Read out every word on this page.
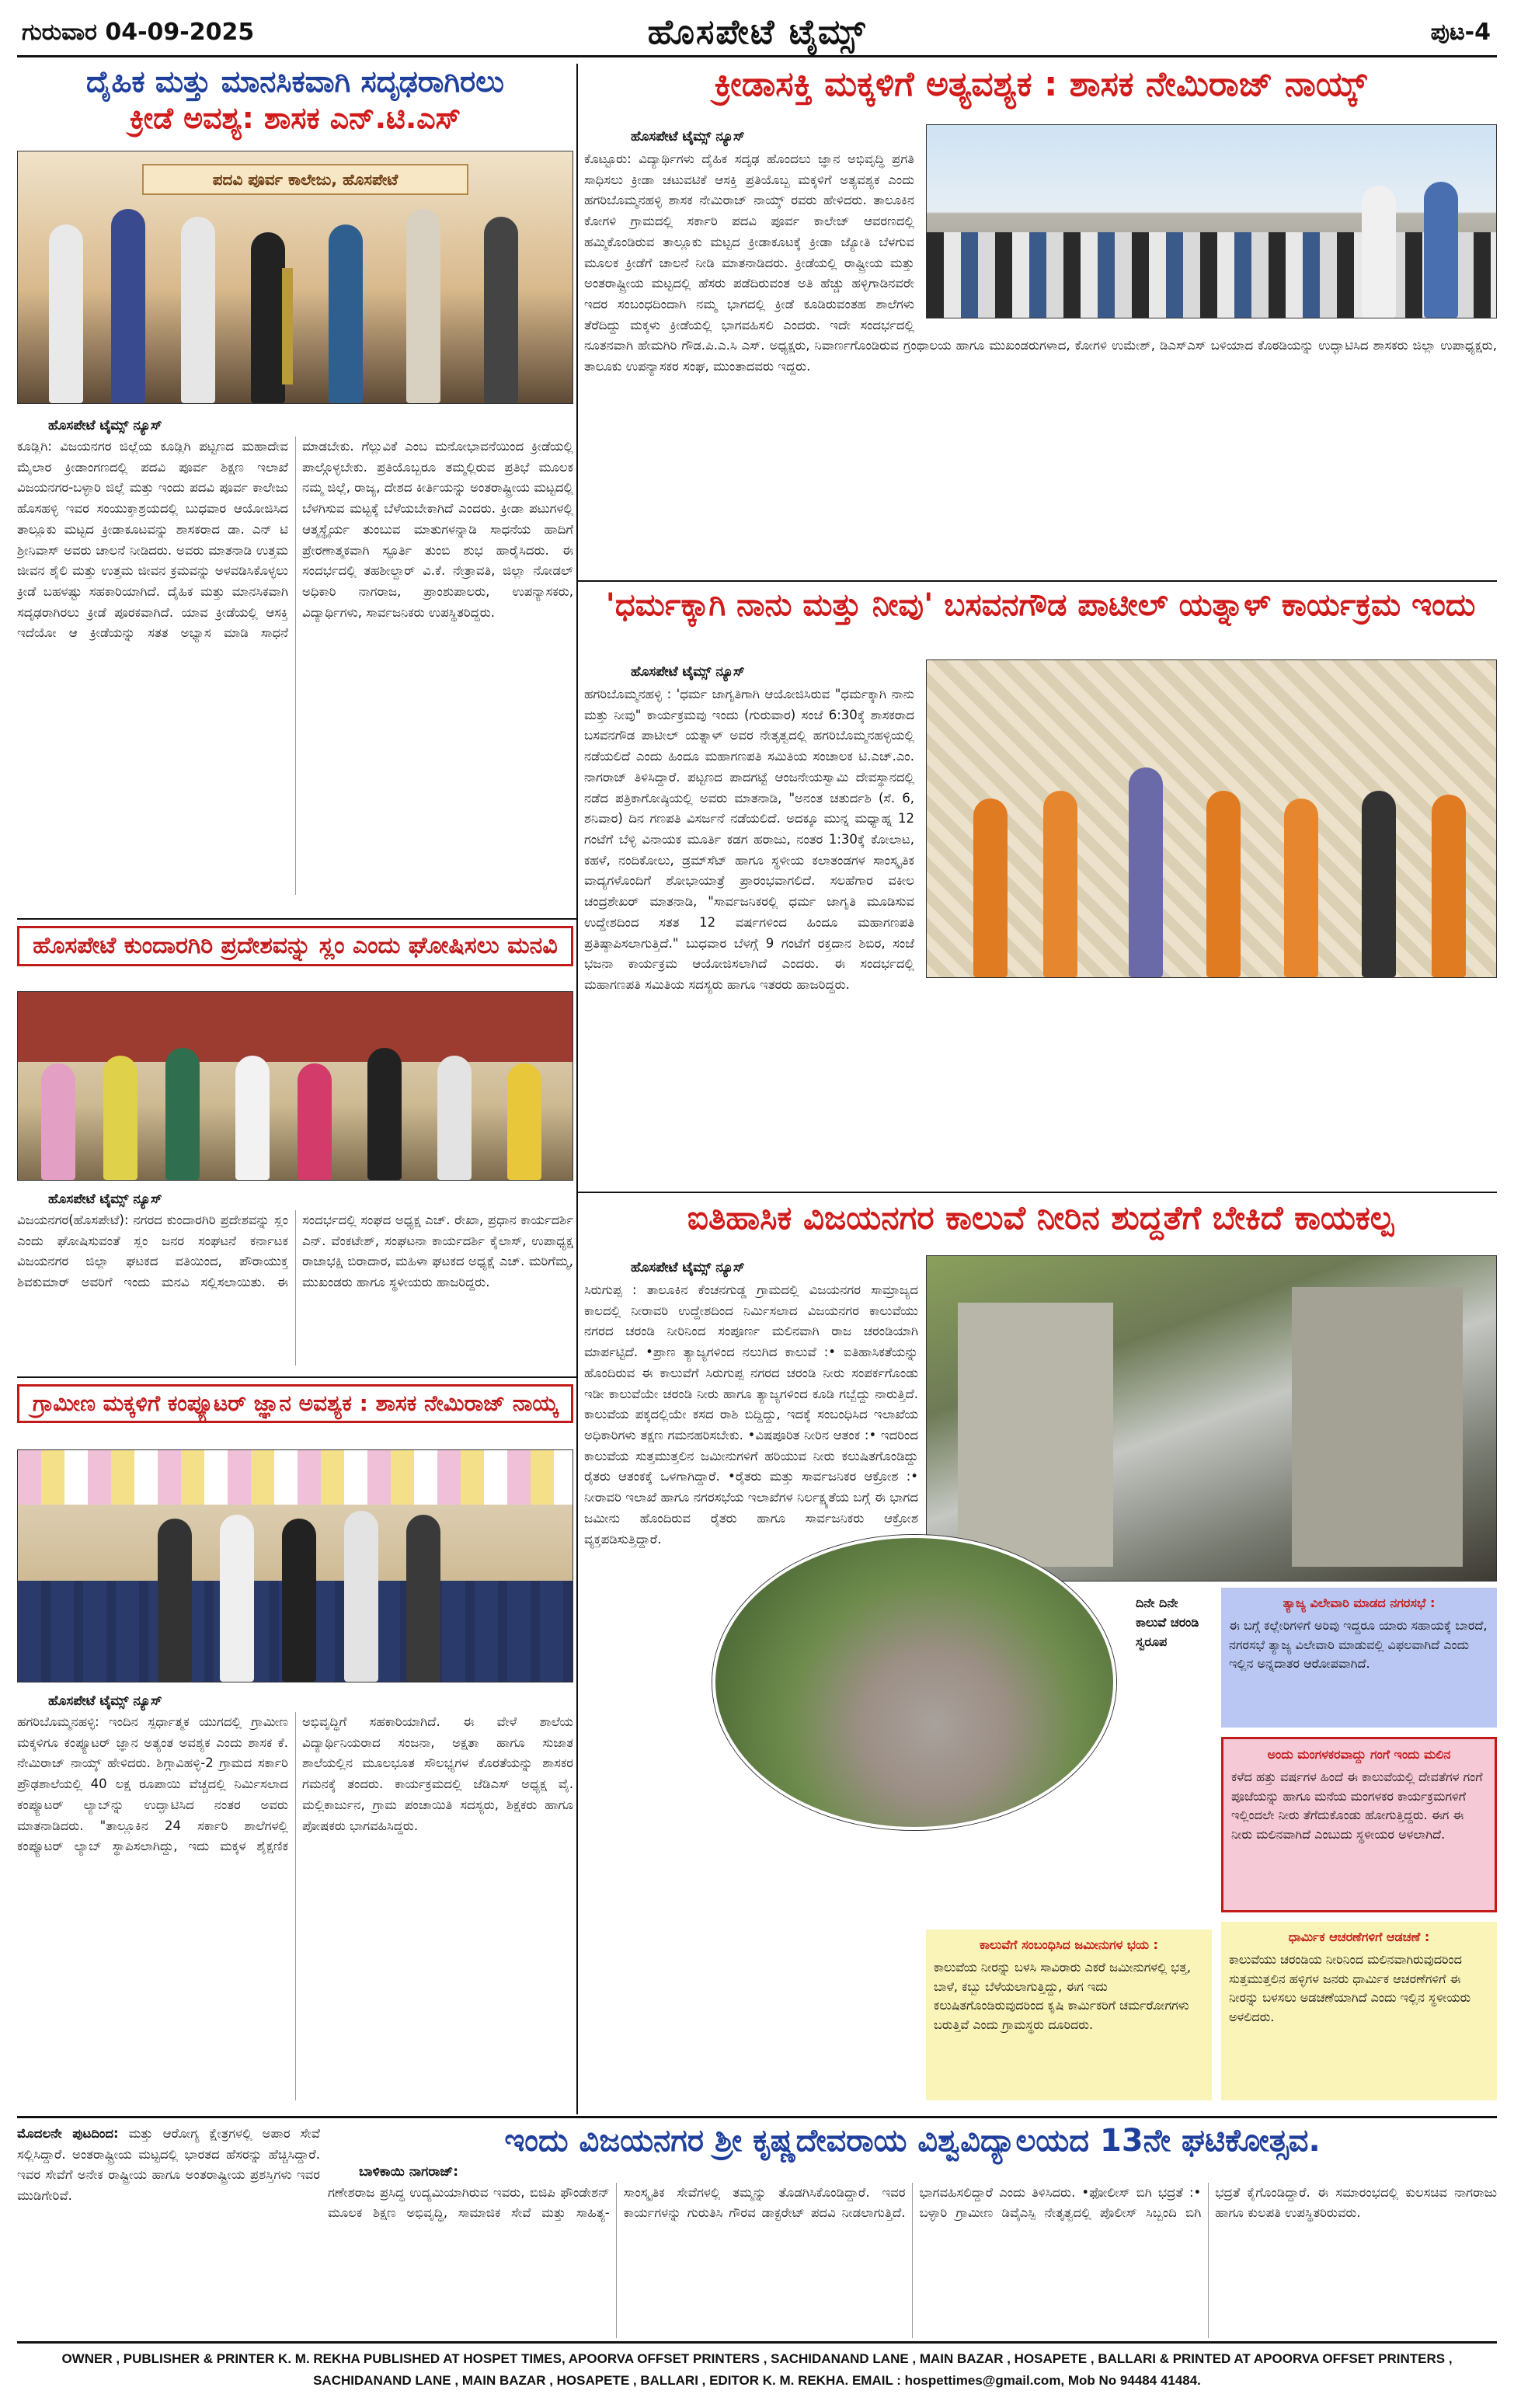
ಗುರುವಾರ 04-09-2025	ಹೊಸಪೇಟೆ ಟೈಮ್ಸ್	ಪುಟ-4
ದೈಹಿಕ ಮತ್ತು ಮಾನಸಿಕವಾಗಿ ಸದೃಢರಾಗಿರಲು
ಕ್ರೀಡೆ ಅವಶ್ಯ: ಶಾಸಕ ಎನ್.ಟಿ.ಎಸ್
ಪದವಿ ಪೂರ್ವ ಕಾಲೇಜು, ಹೊಸಪೇಟೆ
ಹೊಸಪೇಟೆ ಟೈಮ್ಸ್ ನ್ಯೂಸ್
ಕೂಡ್ಲಿಗಿ: ವಿಜಯನಗರ ಜಿಲ್ಲೆಯ ಕೂಡ್ಲಿಗಿ ಪಟ್ಟಣದ ಮಹಾದೇವ ಮೈಲಾರ ಕ್ರೀಡಾಂಗಣದಲ್ಲಿ ಪದವಿ ಪೂರ್ವ ಶಿಕ್ಷಣ ಇಲಾಖೆ ವಿಜಯನಗರ-ಬಳ್ಳಾರಿ ಜಿಲ್ಲೆ ಮತ್ತು ಇಂದು ಪದವಿ ಪೂರ್ವ ಕಾಲೇಜು ಹೊಸಹಳ್ಳಿ ಇವರ ಸಂಯುಕ್ತಾಶ್ರಯದಲ್ಲಿ ಬುಧವಾರ ಆಯೋಜಿಸಿದ ತಾಲ್ಲೂಕು ಮಟ್ಟದ ಕ್ರೀಡಾಕೂಟವನ್ನು ಶಾಸಕರಾದ ಡಾ. ಎನ್ ಟಿ ಶ್ರೀನಿವಾಸ್ ಅವರು ಚಾಲನೆ ನೀಡಿದರು. ಅವರು ಮಾತನಾಡಿ ಉತ್ತಮ ಜೀವನ ಶೈಲಿ ಮತ್ತು ಉತ್ತಮ ಜೀವನ ಕ್ರಮವನ್ನು ಅಳವಡಿಸಿಕೊಳ್ಳಲು ಕ್ರೀಡೆ ಬಹಳಷ್ಟು ಸಹಕಾರಿಯಾಗಿದೆ. ದೈಹಿಕ ಮತ್ತು ಮಾನಸಿಕವಾಗಿ ಸದೃಢರಾಗಿರಲು ಕ್ರೀಡೆ ಪೂರಕವಾಗಿದೆ. ಯಾವ ಕ್ರೀಡೆಯಲ್ಲಿ ಆಸಕ್ತಿ ಇದೆಯೋ ಆ ಕ್ರೀಡೆಯನ್ನು ಸತತ ಅಭ್ಯಾಸ ಮಾಡಿ ಸಾಧನೆ ಮಾಡಬೇಕು. ಗೆಲ್ಲುವಿಕೆ ಎಂಬ ಮನೋಭಾವನೆಯಿಂದ ಕ್ರೀಡೆಯಲ್ಲಿ ಪಾಲ್ಗೊಳ್ಳಬೇಕು. ಪ್ರತಿಯೊಬ್ಬರೂ ತಮ್ಮಲ್ಲಿರುವ ಪ್ರತಿಭೆ ಮೂಲಕ ನಮ್ಮ ಜಿಲ್ಲೆ, ರಾಜ್ಯ, ದೇಶದ ಕೀರ್ತಿಯನ್ನು ಅಂತರಾಷ್ಟ್ರೀಯ ಮಟ್ಟದಲ್ಲಿ ಬೆಳಗಿಸುವ ಮಟ್ಟಕ್ಕೆ ಬೆಳೆಯಬೇಕಾಗಿದೆ ಎಂದರು. ಕ್ರೀಡಾ ಪಟುಗಳಲ್ಲಿ ಆತ್ಮಸ್ಥೈರ್ಯ ತುಂಬುವ ಮಾತುಗಳನ್ನಾಡಿ ಸಾಧನೆಯ ಹಾದಿಗೆ ಪ್ರೇರಣಾತ್ಮಕವಾಗಿ ಸ್ಫೂರ್ತಿ ತುಂಬಿ ಶುಭ ಹಾರೈಸಿದರು. ಈ ಸಂದರ್ಭದಲ್ಲಿ ತಹಶೀಲ್ದಾರ್ ವಿ.ಕೆ. ನೇತ್ರಾವತಿ, ಜಿಲ್ಲಾ ನೋಡಲ್ ಅಧಿಕಾರಿ ನಾಗರಾಜ, ಪ್ರಾಂಶುಪಾಲರು, ಉಪನ್ಯಾಸಕರು, ವಿದ್ಯಾರ್ಥಿಗಳು, ಸಾರ್ವಜನಿಕರು ಉಪಸ್ಥಿತರಿದ್ದರು.
ಹೊಸಪೇಟೆ ಕುಂದಾರಗಿರಿ ಪ್ರದೇಶವನ್ನು ಸ್ಲಂ ಎಂದು ಘೋಷಿಸಲು ಮನವಿ
ಹೊಸಪೇಟೆ ಟೈಮ್ಸ್ ನ್ಯೂಸ್
ವಿಜಯನಗರ(ಹೊಸಪೇಟೆ): ನಗರದ ಕುಂದಾರಗಿರಿ ಪ್ರದೇಶವನ್ನು ಸ್ಲಂ ಎಂದು ಘೋಷಿಸುವಂತೆ ಸ್ಲಂ ಜನರ ಸಂಘಟನೆ ಕರ್ನಾಟಕ ವಿಜಯನಗರ ಜಿಲ್ಲಾ ಘಟಕದ ವತಿಯಿಂದ, ಪೌರಾಯುಕ್ತ ಶಿವಕುಮಾರ್ ಅವರಿಗೆ ಇಂದು ಮನವಿ ಸಲ್ಲಿಸಲಾಯಿತು. ಈ ಸಂದರ್ಭದಲ್ಲಿ ಸಂಘದ ಅಧ್ಯಕ್ಷ ಎಚ್. ರೇಖಾ, ಪ್ರಧಾನ ಕಾರ್ಯದರ್ಶಿ ಎನ್. ವೆಂಕಟೇಶ್, ಸಂಘಟನಾ ಕಾರ್ಯದರ್ಶಿ ಕೈಲಾಸ್, ಉಪಾಧ್ಯಕ್ಷ ರಾಜಾಭಕ್ಷಿ ಬಿರಾದಾರ, ಮಹಿಳಾ ಘಟಕದ ಅಧ್ಯಕ್ಷೆ ಎಚ್. ಮರಿಗೆಮ್ಮ, ಮುಖಂಡರು ಹಾಗೂ ಸ್ಥಳೀಯರು ಹಾಜರಿದ್ದರು.
ಗ್ರಾಮೀಣ ಮಕ್ಕಳಿಗೆ ಕಂಪ್ಯೂಟರ್ ಜ್ಞಾನ ಅವಶ್ಯಕ : ಶಾಸಕ ನೇಮಿರಾಜ್ ನಾಯ್ಕ
ಹೊಸಪೇಟೆ ಟೈಮ್ಸ್ ನ್ಯೂಸ್
ಹಗರಿಬೊಮ್ಮನಹಳ್ಳಿ: ಇಂದಿನ ಸ್ಪರ್ಧಾತ್ಮಕ ಯುಗದಲ್ಲಿ ಗ್ರಾಮೀಣ ಮಕ್ಕಳಿಗೂ ಕಂಪ್ಯೂಟರ್ ಜ್ಞಾನ ಅತ್ಯಂತ ಅವಶ್ಯಕ ಎಂದು ಶಾಸಕ ಕೆ. ನೇಮಿರಾಜ್ ನಾಯ್ಕ್ ಹೇಳಿದರು. ಶಿಗ್ಗಾವಿಹಳ್ಳಿ-2 ಗ್ರಾಮದ ಸರ್ಕಾರಿ ಪ್ರೌಢಶಾಲೆಯಲ್ಲಿ 40 ಲಕ್ಷ ರೂಪಾಯಿ ವೆಚ್ಚದಲ್ಲಿ ನಿರ್ಮಿಸಲಾದ ಕಂಪ್ಯೂಟರ್ ಲ್ಯಾಬ್‌ನ್ನು ಉದ್ಘಾಟಿಸಿದ ನಂತರ ಅವರು ಮಾತನಾಡಿದರು. "ತಾಲ್ಲೂಕಿನ 24 ಸರ್ಕಾರಿ ಶಾಲೆಗಳಲ್ಲಿ ಕಂಪ್ಯೂಟರ್ ಲ್ಯಾಬ್ ಸ್ಥಾಪಿಸಲಾಗಿದ್ದು, ಇದು ಮಕ್ಕಳ ಶೈಕ್ಷಣಿಕ ಅಭಿವೃದ್ಧಿಗೆ ಸಹಕಾರಿಯಾಗಿದೆ. ಈ ವೇಳೆ ಶಾಲೆಯ ವಿದ್ಯಾರ್ಥಿನಿಯರಾದ ಸಂಜನಾ, ಅಕ್ಷತಾ ಹಾಗೂ ಸುಜಾತ ಶಾಲೆಯಲ್ಲಿನ ಮೂಲಭೂತ ಸೌಲಭ್ಯಗಳ ಕೊರತೆಯನ್ನು ಶಾಸಕರ ಗಮನಕ್ಕೆ ತಂದರು. ಕಾರ್ಯಕ್ರಮದಲ್ಲಿ ಜೆಡಿಎಸ್ ಅಧ್ಯಕ್ಷ ವೈ. ಮಲ್ಲಿಕಾರ್ಜುನ, ಗ್ರಾಮ ಪಂಚಾಯಿತಿ ಸದಸ್ಯರು, ಶಿಕ್ಷಕರು ಹಾಗೂ ಪೋಷಕರು ಭಾಗವಹಿಸಿದ್ದರು.
ಕ್ರೀಡಾಸಕ್ತಿ ಮಕ್ಕಳಿಗೆ ಅತ್ಯವಶ್ಯಕ : ಶಾಸಕ ನೇಮಿರಾಜ್ ನಾಯ್ಕ್
ಹೊಸಪೇಟೆ ಟೈಮ್ಸ್ ನ್ಯೂಸ್
ಕೊಟ್ಟೂರು: ವಿದ್ಯಾರ್ಥಿಗಳು ದೈಹಿಕ ಸದೃಢ ಹೊಂದಲು ಜ್ಞಾನ ಅಭಿವೃದ್ಧಿ ಪ್ರಗತಿ ಸಾಧಿಸಲು ಕ್ರೀಡಾ ಚಟುವಟಿಕೆ ಆಸಕ್ತಿ ಪ್ರತಿಯೊಬ್ಬ ಮಕ್ಕಳಿಗೆ ಅತ್ಯವಶ್ಯಕ ಎಂದು ಹಗರಿಬೊಮ್ಮನಹಳ್ಳಿ ಶಾಸಕ ನೇಮಿರಾಜ್ ನಾಯ್ಕ್ ರವರು ಹೇಳಿದರು. ತಾಲೂಕಿನ ಕೋಗಳಿ ಗ್ರಾಮದಲ್ಲಿ ಸರ್ಕಾರಿ ಪದವಿ ಪೂರ್ವ ಕಾಲೇಜ್ ಆವರಣದಲ್ಲಿ ಹಮ್ಮಿಕೊಂಡಿರುವ ತಾಲ್ಲೂಕು ಮಟ್ಟದ ಕ್ರೀಡಾಕೂಟಕ್ಕೆ ಕ್ರೀಡಾ ಜ್ಯೋತಿ ಬೆಳಗುವ ಮೂಲಕ ಕ್ರೀಡೆಗೆ ಚಾಲನೆ ನೀಡಿ ಮಾತನಾಡಿದರು. ಕ್ರೀಡೆಯಲ್ಲಿ ರಾಷ್ಟ್ರೀಯ ಮತ್ತು ಅಂತರಾಷ್ಟ್ರೀಯ ಮಟ್ಟದಲ್ಲಿ ಹೆಸರು ಪಡೆದಿರುವಂತ ಅತಿ ಹೆಚ್ಚು ಹಳ್ಳಿಗಾಡಿನವರೇ ಇದರ ಸಂಬಂಧದಿಂದಾಗಿ ನಮ್ಮ ಭಾಗದಲ್ಲಿ ಕ್ರೀಡೆ ಕೂಡಿರುವಂತಹ ಶಾಲೆಗಳು ತೆರೆದಿದ್ದು ಮಕ್ಕಳು ಕ್ರೀಡೆಯಲ್ಲಿ ಭಾಗವಹಿಸಲಿ ಎಂದರು. ಇದೇ ಸಂದರ್ಭದಲ್ಲಿ ನೂತನವಾಗಿ ಹೇಮಗಿರಿ ಗೌಡ.ಪಿ.ಎ.ಸಿ ಎಸ್. ಅಧ್ಯಕ್ಷರು, ನಿವಾರ್ಣಗೊಂಡಿರುವ ಗ್ರಂಥಾಲಯ ಹಾಗೂ ಮುಖಂಡರುಗಳಾದ, ಕೋಗಳಿ ಉಮೇಶ್, ಡಿಎಸ್‌ಎಸ್ ಬಳಿಯಾದ ಕೊಠಡಿಯನ್ನು ಉದ್ಘಾಟಿಸಿದ ಶಾಸಕರು ಜಿಲ್ಲಾ ಉಪಾಧ್ಯಕ್ಷರು, ತಾಲೂಕು ಉಪನ್ಯಾಸಕರ ಸಂಘ, ಮುಂತಾದವರು ಇದ್ದರು.
'ಧರ್ಮಕ್ಕಾಗಿ ನಾನು ಮತ್ತು ನೀವು' ಬಸವನಗೌಡ ಪಾಟೀಲ್ ಯತ್ನಾಳ್ ಕಾರ್ಯಕ್ರಮ ಇಂದು
ಹೊಸಪೇಟೆ ಟೈಮ್ಸ್ ನ್ಯೂಸ್
ಹಗರಿಬೊಮ್ಮನಹಳ್ಳಿ : 'ಧರ್ಮ ಜಾಗೃತಿಗಾಗಿ ಆಯೋಜಿಸಿರುವ "ಧರ್ಮಕ್ಕಾಗಿ ನಾನು ಮತ್ತು ನೀವು" ಕಾರ್ಯಕ್ರಮವು ಇಂದು (ಗುರುವಾರ) ಸಂಜೆ 6:30ಕ್ಕೆ ಶಾಸಕರಾದ ಬಸವನಗೌಡ ಪಾಟೀಲ್ ಯತ್ನಾಳ್ ಅವರ ನೇತೃತ್ವದಲ್ಲಿ ಹಗರಿಬೊಮ್ಮನಹಳ್ಳಿಯಲ್ಲಿ ನಡೆಯಲಿದೆ ಎಂದು ಹಿಂದೂ ಮಹಾಗಣಪತಿ ಸಮಿತಿಯ ಸಂಚಾಲಕ ಟಿ.ಎಚ್.ಎಂ. ನಾಗರಾಜ್ ತಿಳಿಸಿದ್ದಾರೆ. ಪಟ್ಟಣದ ಪಾದಗಟ್ಟೆ ಆಂಜನೇಯಸ್ವಾಮಿ ದೇವಸ್ಥಾನದಲ್ಲಿ ನಡೆದ ಪತ್ರಿಕಾಗೋಷ್ಠಿಯಲ್ಲಿ ಅವರು ಮಾತನಾಡಿ, "ಅನಂತ ಚತುರ್ದಶಿ (ಸೆ. 6, ಶನಿವಾರ) ದಿನ ಗಣಪತಿ ವಿಸರ್ಜನೆ ನಡೆಯಲಿದೆ. ಅದಕ್ಕೂ ಮುನ್ನ ಮಧ್ಯಾಹ್ನ 12 ಗಂಟೆಗೆ ಬೆಳ್ಳಿ ವಿನಾಯಕ ಮೂರ್ತಿ ಕಡಗ ಹರಾಜು, ನಂತರ 1:30ಕ್ಕೆ ಕೋಲಾಟ, ಕಹಳೆ, ನಂದಿಕೋಲು, ಡ್ರಮ್‌ಸೆಟ್ ಹಾಗೂ ಸ್ಥಳೀಯ ಕಲಾತಂಡಗಳ ಸಾಂಸ್ಕೃತಿಕ ವಾದ್ಯಗಳೊಂದಿಗೆ ಶೋಭಾಯಾತ್ರೆ ಪ್ರಾರಂಭವಾಗಲಿದೆ. ಸಲಹೆಗಾರ ವಕೀಲ ಚಂದ್ರಶೇಖರ್ ಮಾತನಾಡಿ, "ಸಾರ್ವಜನಿಕರಲ್ಲಿ ಧರ್ಮ ಜಾಗೃತಿ ಮೂಡಿಸುವ ಉದ್ದೇಶದಿಂದ ಸತತ 12 ವರ್ಷಗಳಿಂದ ಹಿಂದೂ ಮಹಾಗಣಪತಿ ಪ್ರತಿಷ್ಠಾಪಿಸಲಾಗುತ್ತಿದೆ." ಬುಧವಾರ ಬೆಳಗ್ಗೆ 9 ಗಂಟೆಗೆ ರಕ್ತದಾನ ಶಿಬಿರ, ಸಂಜೆ ಭಜನಾ ಕಾರ್ಯಕ್ರಮ ಆಯೋಜಿಸಲಾಗಿದೆ ಎಂದರು. ಈ ಸಂದರ್ಭದಲ್ಲಿ ಮಹಾಗಣಪತಿ ಸಮಿತಿಯ ಸದಸ್ಯರು ಹಾಗೂ ಇತರರು ಹಾಜರಿದ್ದರು.
ಐತಿಹಾಸಿಕ ವಿಜಯನಗರ ಕಾಲುವೆ ನೀರಿನ ಶುದ್ದತೆಗೆ ಬೇಕಿದೆ ಕಾಯಕಲ್ಪ
ಹೊಸಪೇಟೆ ಟೈಮ್ಸ್ ನ್ಯೂಸ್
ಸಿರುಗುಪ್ಪ : ತಾಲೂಕಿನ ಕೆಂಚನಗುಡ್ಡ ಗ್ರಾಮದಲ್ಲಿ ವಿಜಯನಗರ ಸಾಮ್ರಾಜ್ಯದ ಕಾಲದಲ್ಲಿ ನೀರಾವರಿ ಉದ್ದೇಶದಿಂದ ನಿರ್ಮಿಸಲಾದ ವಿಜಯನಗರ ಕಾಲುವೆಯು ನಗರದ ಚರಂಡಿ ನೀರಿನಿಂದ ಸಂಪೂರ್ಣ ಮಲಿನವಾಗಿ ರಾಜ ಚರಂಡಿಯಾಗಿ ಮಾರ್ಪಟ್ಟಿದೆ. •ಪ್ರಾಣ ತ್ಯಾಜ್ಯಗಳಿಂದ ನಲುಗಿದ ಕಾಲುವೆ :• ಐತಿಹಾಸಿಕತೆಯನ್ನು ಹೊಂದಿರುವ ಈ ಕಾಲುವೆಗೆ ಸಿರುಗುಪ್ಪ ನಗರದ ಚರಂಡಿ ನೀರು ಸಂಪರ್ಕಗೊಂಡು ಇಡೀ ಕಾಲುವೆಯೇ ಚರಂಡಿ ನೀರು ಹಾಗೂ ತ್ಯಾಜ್ಯಗಳಿಂದ ಕೂಡಿ ಗಬ್ಬೆದ್ದು ನಾರುತ್ತಿದೆ. ಕಾಲುವೆಯ ಪಕ್ಕದಲ್ಲಿಯೇ ಕಸದ ರಾಶಿ ಬಿದ್ದಿದ್ದು, ಇದಕ್ಕೆ ಸಂಬಂಧಿಸಿದ ಇಲಾಖೆಯ ಅಧಿಕಾರಿಗಳು ತಕ್ಷಣ ಗಮನಹರಿಸಬೇಕು. •ವಿಷಪೂರಿತ ನೀರಿನ ಆತಂಕ :• ಇದರಿಂದ ಕಾಲುವೆಯ ಸುತ್ತಮುತ್ತಲಿನ ಜಮೀನುಗಳಿಗೆ ಹರಿಯುವ ನೀರು ಕಲುಷಿತಗೊಂಡಿದ್ದು ರೈತರು ಆತಂಕಕ್ಕೆ ಒಳಗಾಗಿದ್ದಾರೆ. •ರೈತರು ಮತ್ತು ಸಾರ್ವಜನಿಕರ ಆಕ್ರೋಶ :• ನೀರಾವರಿ ಇಲಾಖೆ ಹಾಗೂ ನಗರಸಭೆಯ ಇಲಾಖೆಗಳ ನಿರ್ಲಕ್ಷ್ಯತೆಯ ಬಗ್ಗೆ ಈ ಭಾಗದ ಜಮೀನು ಹೊಂದಿರುವ ರೈತರು ಹಾಗೂ ಸಾರ್ವಜನಿಕರು ಆಕ್ರೋಶ ವ್ಯಕ್ತಪಡಿಸುತ್ತಿದ್ದಾರೆ.
ದಿನೇ ದಿನೇ ಕಾಲುವೆ ಚರಂಡಿ ಸ್ವರೂಪ
ತ್ಯಾಜ್ಯ ವಿಲೇವಾರಿ ಮಾಡದ ನಗರಸಭೆ :
ಈ ಬಗ್ಗೆ ಕಲ್ಲೇರಿಗಳಿಗೆ ಅರಿವು ಇದ್ದರೂ ಯಾರು ಸಹಾಯಕ್ಕೆ ಬಾರದೆ, ನಗರಸಭೆ ತ್ಯಾಜ್ಯ ವಿಲೇವಾರಿ ಮಾಡುವಲ್ಲಿ ವಿಫಲವಾಗಿದೆ ಎಂದು ಇಲ್ಲಿನ ಅನ್ನದಾತರ ಆರೋಪವಾಗಿದೆ.
ಅಂದು ಮಂಗಳಕರವಾದ್ದು ಗಂಗೆ ಇಂದು ಮಲಿನ
ಕಳೆದ ಹತ್ತು ವರ್ಷಗಳ ಹಿಂದೆ ಈ ಕಾಲುವೆಯಲ್ಲಿ ದೇವತೆಗಳ ಗಂಗೆ ಪೂಜೆಯನ್ನು ಹಾಗೂ ಮನೆಯ ಮಂಗಳಕರ ಕಾರ್ಯಕ್ರಮಗಳಿಗೆ ಇಲ್ಲಿಂದಲೇ ನೀರು ತೆಗೆದುಕೊಂಡು ಹೋಗುತ್ತಿದ್ದರು. ಈಗ ಈ ನೀರು ಮಲಿನವಾಗಿದೆ ಎಂಬುದು ಸ್ಥಳೀಯರ ಅಳಲಾಗಿದೆ.
ಧಾರ್ಮಿಕ ಆಚರಣೆಗಳಿಗೆ ಆಡಚಣೆ :
ಕಾಲುವೆಯು ಚರಂಡಿಯ ನೀರಿನಿಂದ ಮಲಿನವಾಗಿರುವುದರಿಂದ ಸುತ್ತಮುತ್ತಲಿನ ಹಳ್ಳಿಗಳ ಜನರು ಧಾರ್ಮಿಕ ಆಚರಣೆಗಳಿಗೆ ಈ ನೀರನ್ನು ಬಳಸಲು ಅಡಚಣೆಯಾಗಿದೆ ಎಂದು ಇಲ್ಲಿನ ಸ್ಥಳೀಯರು ಅಳಲಿದರು.
ಕಾಲುವೆಗೆ ಸಂಬಂಧಿಸಿದ ಜಮೀನುಗಳ ಭಯ :
ಕಾಲುವೆಯ ನೀರನ್ನು ಬಳಸಿ ಸಾವಿರಾರು ಎಕರೆ ಜಮೀನುಗಳಲ್ಲಿ ಭತ್ತ, ಬಾಳೆ, ಕಬ್ಬು ಬೆಳೆಯಲಾಗುತ್ತಿದ್ದು, ಈಗ ಇದು ಕಲುಷಿತಗೊಂಡಿರುವುದರಿಂದ ಕೃಷಿ ಕಾರ್ಮಿಕರಿಗೆ ಚರ್ಮರೋಗಗಳು ಬರುತ್ತಿವೆ ಎಂದು ಗ್ರಾಮಸ್ಥರು ದೂರಿದರು.
ಮೊದಲನೇ ಪುಟದಿಂದ: ಮತ್ತು ಆರೋಗ್ಯ ಕ್ಷೇತ್ರಗಳಲ್ಲಿ ಅಪಾರ ಸೇವೆ ಸಲ್ಲಿಸಿದ್ದಾರೆ. ಅಂತರಾಷ್ಟ್ರೀಯ ಮಟ್ಟದಲ್ಲಿ ಭಾರತದ ಹೆಸರನ್ನು ಹೆಚ್ಚಿಸಿದ್ದಾರೆ. ಇವರ ಸೇವೆಗೆ ಅನೇಕ ರಾಷ್ಟ್ರೀಯ ಹಾಗೂ ಅಂತರಾಷ್ಟ್ರೀಯ ಪ್ರಶಸ್ತಿಗಳು ಇವರ ಮುಡಿಗೇರಿವೆ.
ಇಂದು ವಿಜಯನಗರ ಶ್ರೀ ಕೃಷ್ಣದೇವರಾಯ ವಿಶ್ವವಿದ್ಯಾಲಯದ 13ನೇ ಘಟಿಕೋತ್ಸವ.
ಬಾಳಿಕಾಯಿ ನಾಗರಾಜ್:
ಗಣೇಶರಾಜ ಪ್ರಸಿದ್ಧ ಉದ್ಯಮಿಯಾಗಿರುವ ಇವರು, ಬಿಜಿಪಿ ಫೌಂಡೇಶನ್ ಮೂಲಕ ಶಿಕ್ಷಣ ಅಭಿವೃದ್ಧಿ, ಸಾಮಾಜಿಕ ಸೇವೆ ಮತ್ತು ಸಾಹಿತ್ಯ-ಸಾಂಸ್ಕೃತಿಕ ಸೇವೆಗಳಲ್ಲಿ ತಮ್ಮನ್ನು ತೊಡಗಿಸಿಕೊಂಡಿದ್ದಾರೆ. ಇವರ ಕಾರ್ಯಗಳನ್ನು ಗುರುತಿಸಿ ಗೌರವ ಡಾಕ್ಟರೇಟ್ ಪದವಿ ನೀಡಲಾಗುತ್ತಿದೆ. ಭಾಗವಹಿಸಲಿದ್ದಾರೆ ಎಂದು ತಿಳಿಸಿದರು. •ಫೋಲೀಸ್ ಬಿಗಿ ಭದ್ರತೆ :• ಬಳ್ಳಾರಿ ಗ್ರಾಮೀಣ ಡಿವೈಎಸ್ಪಿ ನೇತೃತ್ವದಲ್ಲಿ ಪೊಲೀಸ್ ಸಿಬ್ಬಂದಿ ಬಿಗಿ ಭದ್ರತೆ ಕೈಗೊಂಡಿದ್ದಾರೆ. ಈ ಸಮಾರಂಭದಲ್ಲಿ ಕುಲಸಚಿವ ನಾಗರಾಜು ಹಾಗೂ ಕುಲಪತಿ ಉಪಸ್ಥಿತರಿರುವರು.
OWNER , PUBLISHER & PRINTER K. M. REKHA PUBLISHED AT HOSPET TIMES, APOORVA OFFSET PRINTERS , SACHIDANAND LANE , MAIN BAZAR , HOSAPETE , BALLARI & PRINTED AT APOORVA OFFSET PRINTERS ,
SACHIDANAND LANE , MAIN BAZAR , HOSAPETE , BALLARI , EDITOR K. M. REKHA. EMAIL : hospettimes@gmail.com, Mob No 94484 41484.
